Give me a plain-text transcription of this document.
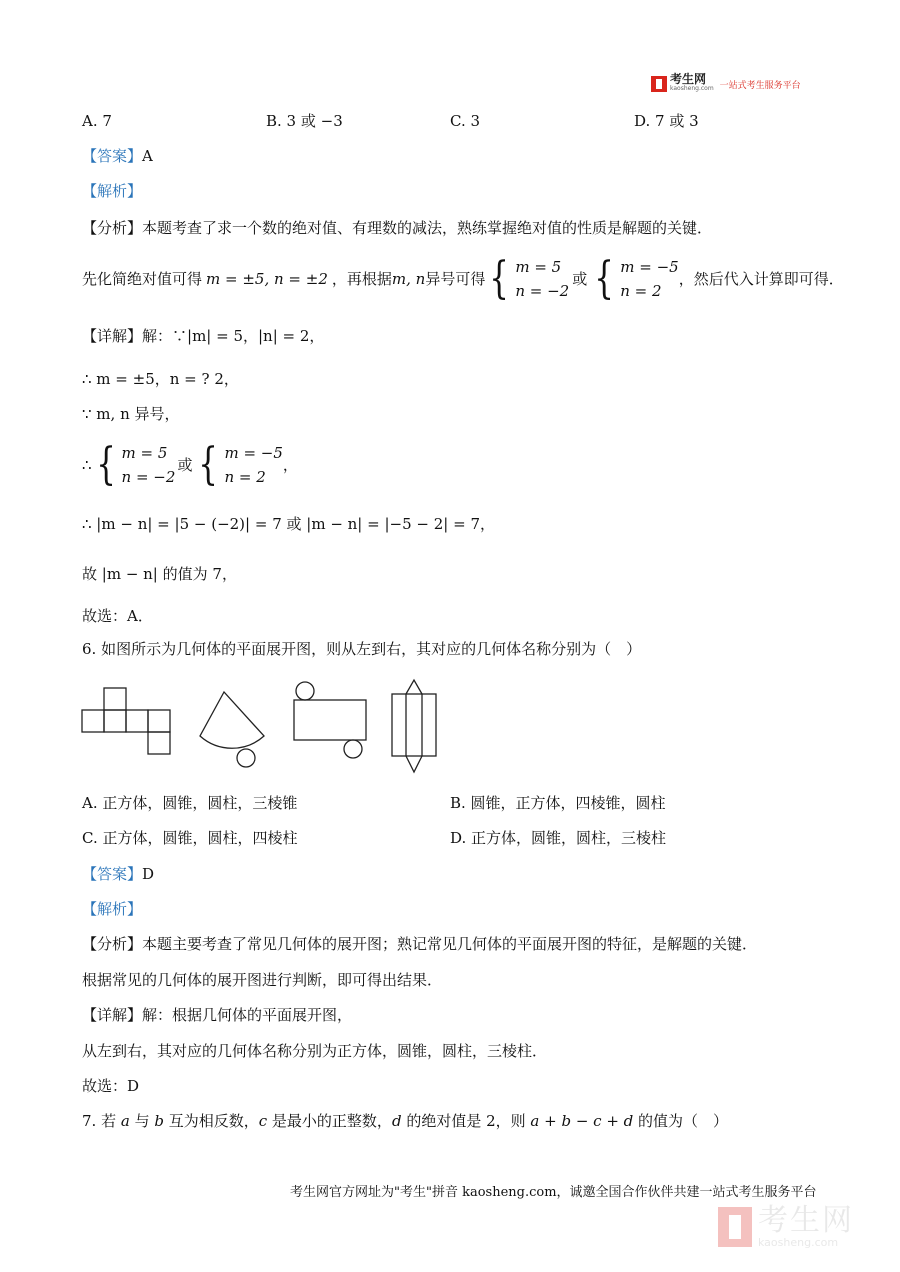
考生网
kaosheng.com 一站式考生服务平台
A. 7	B. 3 或 −3	C. 3	D. 7 或 3
【答案】A
【解析】
【分析】本题考查了求一个数的绝对值、有理数的减法，熟练掌握绝对值的性质是解题的关键．
先化简绝对值可得 m = ±5, n = ±2 ，再根据 m, n 异号可得 { m = 5
n = −2
或 { m = −5
n = 2
，然后代入计算即可得．
【详解】解：∵|m| = 5，|n| = 2，
∴ m = ±5，n = ? 2，
∵ m, n 异号，
∴ { m = 5
n = −2
或 { m = −5
n = 2
，
∴ |m − n| = |5 − (−2)| = 7 或 |m − n| = |−5 − 2| = 7，
故 |m − n| 的值为 7，
故选：A．
6. 如图所示为几何体的平面展开图，则从左到右，其对应的几何体名称分别为（　）
A. 正方体，圆锥，圆柱，三棱锥	B. 圆锥，正方体，四棱锥，圆柱
C. 正方体，圆锥，圆柱，四棱柱	D. 正方体，圆锥，圆柱，三棱柱
【答案】D
【解析】
【分析】本题主要考查了常见几何体的展开图；熟记常见几何体的平面展开图的特征，是解题的关键．
根据常见的几何体的展开图进行判断，即可得出结果．
【详解】解：根据几何体的平面展开图，
从左到右，其对应的几何体名称分别为正方体，圆锥，圆柱，三棱柱．
故选：D
7. 若 a 与 b 互为相反数，c 是最小的正整数，d 的绝对值是 2，则 a + b − c + d 的值为（　）
考生网官方网址为"考生"拼音 kaosheng.com，诚邀全国合作伙伴共建一站式考生服务平台
考生网
kaosheng.com
